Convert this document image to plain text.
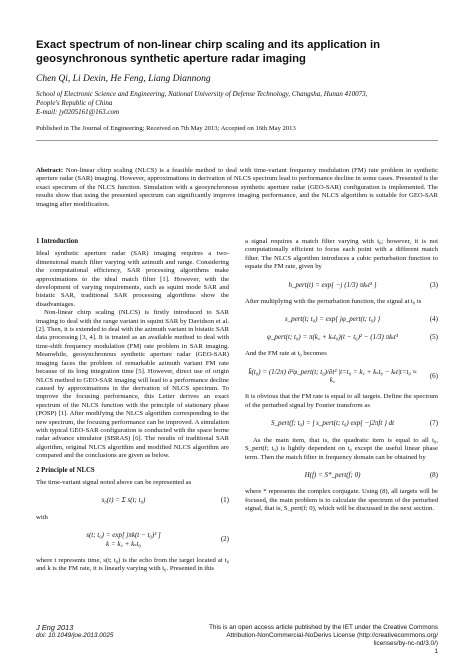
Exact spectrum of non-linear chirp scaling and its application in geosynchronous synthetic aperture radar imaging
Chen Qi, Li Dexin, He Feng, Liang Diannong
School of Electronic Science and Engineering, National University of Defense Technology, Changsha, Hunan 410073,
People's Republic of China
E-mail: jy0205161@163.com
Published in The Journal of Engineering; Received on 7th May 2013; Accepted on 16th May 2013
Abstract: Non-linear chirp scaling (NLCS) is a feasible method to deal with time-variant frequency modulation (FM) rate problem in synthetic aperture radar (SAR) imaging. However, approximations in derivation of NLCS spectrum lead to performance decline in some cases. Presented is the exact spectrum of the NLCS function. Simulation with a geosynchronous synthetic aperture radar (GEO-SAR) configuration is implemented. The results show that using the presented spectrum can significantly improve imaging performance, and the NLCS algorithm is suitable for GEO-SAR imaging after modification.
1 Introduction

Ideal synthetic aperture radar (SAR) imaging requires a two-dimensional match filter varying with azimuth and range. Considering the computational efficiency, SAR processing algorithms make approximations to the ideal match filter [1]. However, with the development of varying requirements, such as squint mode SAR and bistatic SAR, traditional SAR processing algorithms show the disadvantages.

Non-linear chirp scaling (NLCS) is firstly introduced to SAR imaging to deal with the range variant in squint SAR by Davidson et al. [2]. Then, it is extended to deal with the azimuth variant in bistatic SAR data processing [3, 4]. It is treated as an available method to deal with time-shift frequency modulation (FM) rate problem in SAR imaging. Meanwhile, geosynchronous synthetic aperture radar (GEO-SAR) imaging faces the problem of remarkable azimuth variant FM rate because of its long integration time [5]. However, direct use of origin NLCS method to GEO-SAR imaging will lead to a performance decline caused by approximations in the derivation of NLCS spectrum. To improve the focusing performance, this Letter derives an exact spectrum of the NLCS function with the principle of stationary phase (POSP) [1]. After modifying the NLCS algorithm corresponding to the new spectrum, the focusing performance can be improved. A simulation with typical GEO-SAR configuration is conducted with the space borne radar advance simulator (SBRAS) [6]. The results of traditional SAR algorithm, original NLCS algorithm and modified NLCS algorithm are compared and the conclusions are given as below.

2 Principle of NLCS

The time-variant signal noted above can be represented as

s₀(t) = Σ s(t; t₀)	(1)

with

s(t; t₀) = exp[ jπk(t − t₀)² ]
k = k꜀ + kₛt₀
(2)

where t represents time, s(t; t₀) is the echo from the target located at t₀ and k is the FM rate, it is linearly varying with t₀. Presented in this

a signal requires a match filter varying with t₀; however, it is not computationally efficient to focus each point with a different match filter. The NLCS algorithm introduces a cubic perturbation function to equate the FM rate, given by

h_pert(t) = exp{ −j (1/3) πkₜt³ }	(3)

After multiplying with the perturbation function, the signal at t₀ is

s_pert(t; t₀) = exp{ jφ_pert(t; t₀) }	(4)
φ_pert(t; t₀) = π(k꜀ + kₛt₀)(t − t₀)² − (1/3) πkₜt³	(5)

And the FM rate at t₀ becomes

k̄(t₀) = (1/2π) ∂²φ_pert(t; t₀)/∂t² |t=t₀ = k꜀ + kₛt₀ − kₜt|t=t₀ ≈ k꜀
(6)

It is obvious that the FM rate is equal to all targets. Define the spectrum of the perturbed signal by Fourier transform as

S_pert(f; t₀) = ∫ s_pert(t; t₀) exp{ −j2πft } dt	(7)

As the main item, that is, the quadratic item is equal to all t₀, S_pert(f; t₀) is lightly dependent on t₀ except the useful linear phase term. Then the match filter in frequency domain can be obtained by

H(f) = S*_pert(f; 0)	(8)

where * represents the complex conjugate. Using (8), all targets will be focused, the main problem is to calculate the spectrum of the perturbed signal, that is, S_pert(f; 0), which will be discussed in the next section.

J Eng 2013
doi: 10.1049/joe.2013.0025
This is an open access article published by the IET under the Creative Commons
Attribution-NonCommercial-NoDerivs License (http://creativecommons.org/
licenses/by-nc-nd/3.0/)
1
